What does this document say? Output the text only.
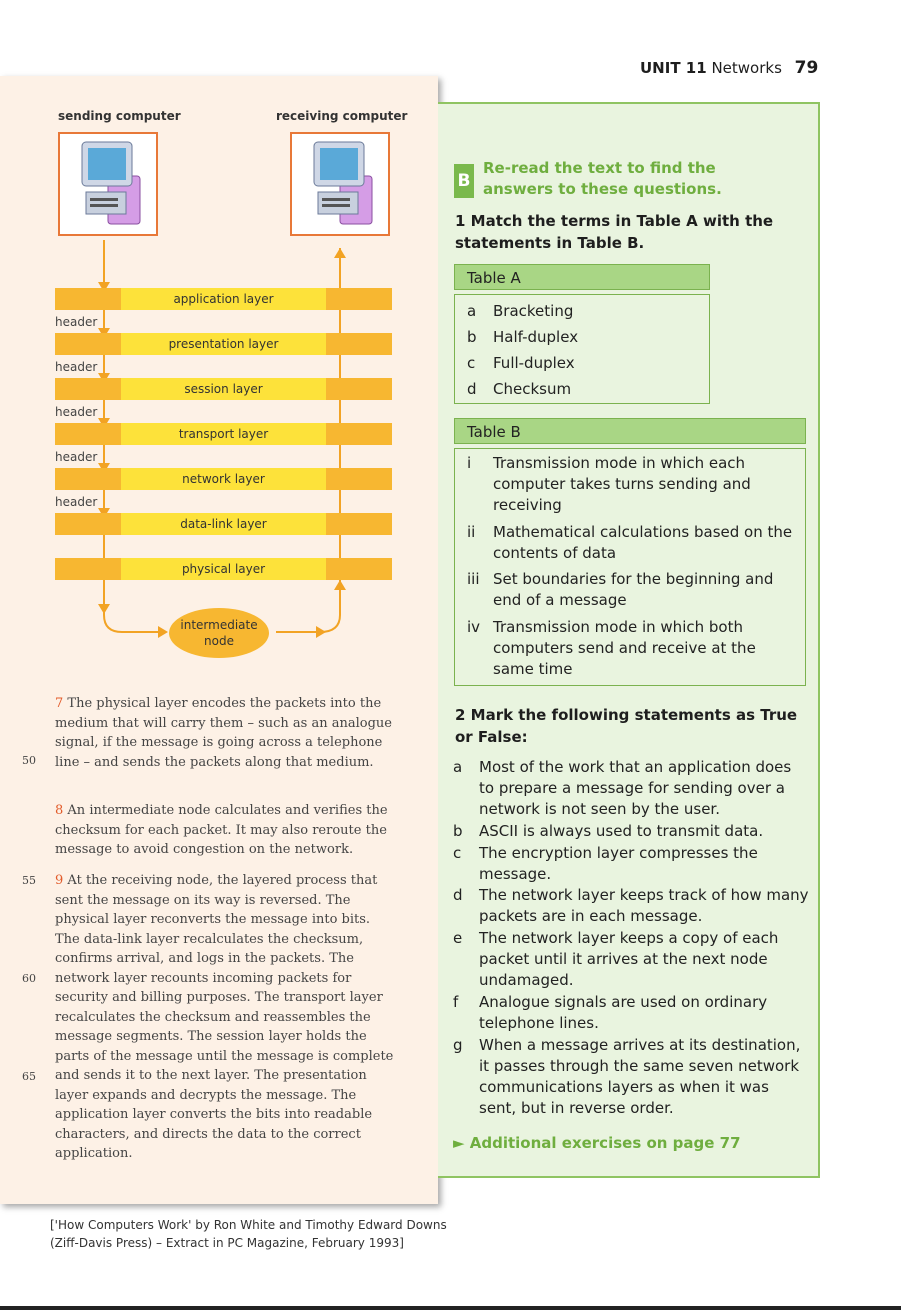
UNIT 11 Networks 79
sending computer	receiving computer
application layer
presentation layer
session layer
transport layer
network layer
data-link layer
physical layer
header
header
header
header
header
intermediate node
7 The physical layer encodes the packets into the medium that will carry them – such as an analogue signal, if the message is going across a telephone line – and sends the packets along that medium.
8 An intermediate node calculates and verifies the checksum for each packet. It may also reroute the message to avoid congestion on the network.
9 At the receiving node, the layered process that sent the message on its way is reversed. The physical layer reconverts the message into bits. The data-link layer recalculates the checksum, confirms arrival, and logs in the packets. The network layer recounts incoming packets for security and billing purposes. The transport layer recalculates the checksum and reassembles the message segments. The session layer holds the parts of the message until the message is complete and sends it to the next layer. The presentation layer expands and decrypts the message. The application layer converts the bits into readable characters, and directs the data to the correct application.
50
55
60
65
['How Computers Work' by Ron White and Timothy Edward Downs (Ziff-Davis Press) – Extract in PC Magazine, February 1993]
B
Re-read the text to find the answers to these questions.
1 Match the terms in Table A with the statements in Table B.
Table A
a Bracketing
b Half-duplex
c Full-duplex
d Checksum
Table B
i Transmission mode in which each computer takes turns sending and receiving
ii Mathematical calculations based on the contents of data
iii Set boundaries for the beginning and end of a message
iv Transmission mode in which both computers send and receive at the same time
2 Mark the following statements as True or False:
a Most of the work that an application does to prepare a message for sending over a network is not seen by the user.
b ASCII is always used to transmit data.
c The encryption layer compresses the message.
d The network layer keeps track of how many packets are in each message.
e The network layer keeps a copy of each packet until it arrives at the next node undamaged.
f Analogue signals are used on ordinary telephone lines.
g When a message arrives at its destination, it passes through the same seven network communications layers as when it was sent, but in reverse order.
► Additional exercises on page 77
